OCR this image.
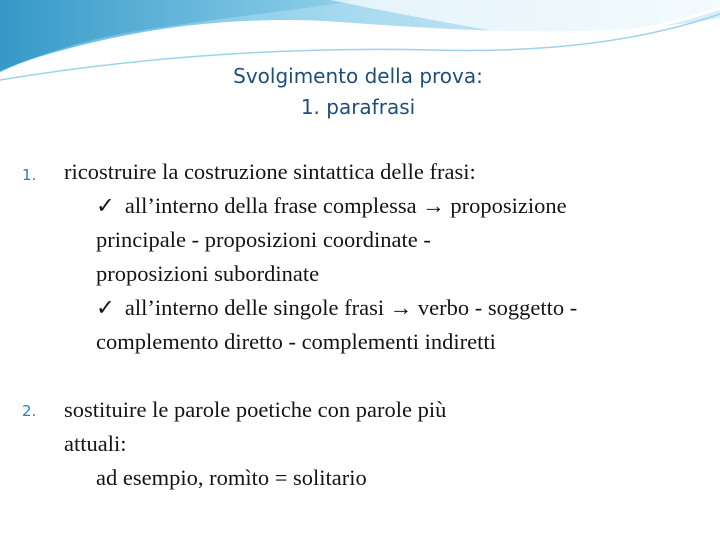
Svolgimento della prova:
1. parafrasi
1. ricostruire la costruzione sintattica delle frasi:
✓ all’interno della frase complessa → proposizione
principale - proposizioni coordinate -
proposizioni subordinate
✓ all’interno delle singole frasi → verbo - soggetto -
complemento diretto - complementi indiretti
2. sostituire le parole poetiche con parole più
attuali:
ad esempio, romìto = solitario
